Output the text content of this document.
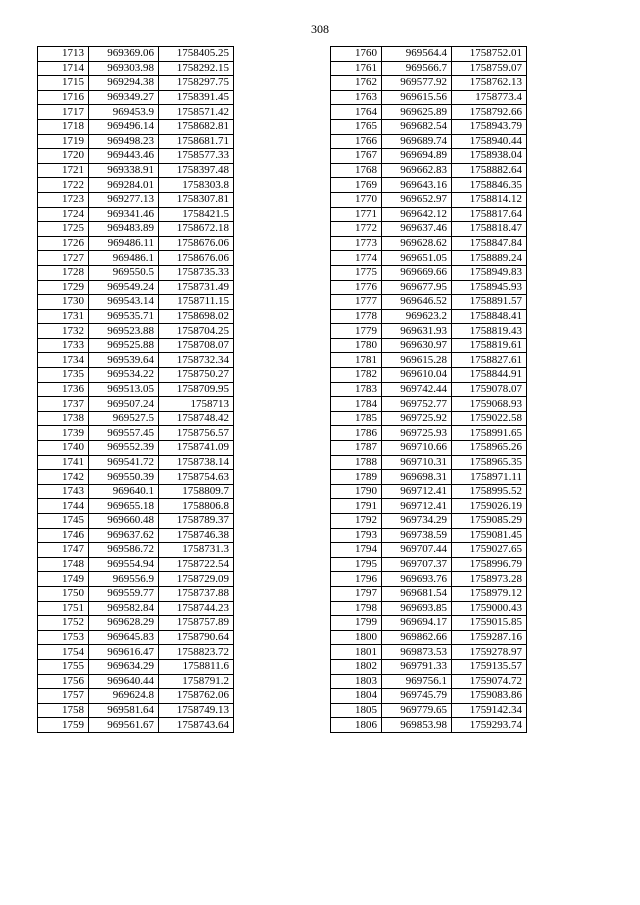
308
1713	969369.06	1758405.25
1714	969303.98	1758292.15
1715	969294.38	1758297.75
1716	969349.27	1758391.45
1717	969453.9	1758571.42
1718	969496.14	1758682.81
1719	969498.23	1758681.71
1720	969443.46	1758577.33
1721	969338.91	1758397.48
1722	969284.01	1758303.8
1723	969277.13	1758307.81
1724	969341.46	1758421.5
1725	969483.89	1758672.18
1726	969486.11	1758676.06
1727	969486.1	1758676.06
1728	969550.5	1758735.33
1729	969549.24	1758731.49
1730	969543.14	1758711.15
1731	969535.71	1758698.02
1732	969523.88	1758704.25
1733	969525.88	1758708.07
1734	969539.64	1758732.34
1735	969534.22	1758750.27
1736	969513.05	1758709.95
1737	969507.24	1758713
1738	969527.5	1758748.42
1739	969557.45	1758756.57
1740	969552.39	1758741.09
1741	969541.72	1758738.14
1742	969550.39	1758754.63
1743	969640.1	1758809.7
1744	969655.18	1758806.8
1745	969660.48	1758789.37
1746	969637.62	1758746.38
1747	969586.72	1758731.3
1748	969554.94	1758722.54
1749	969556.9	1758729.09
1750	969559.77	1758737.88
1751	969582.84	1758744.23
1752	969628.29	1758757.89
1753	969645.83	1758790.64
1754	969616.47	1758823.72
1755	969634.29	1758811.6
1756	969640.44	1758791.2
1757	969624.8	1758762.06
1758	969581.64	1758749.13
1759	969561.67	1758743.64
1760	969564.4	1758752.01
1761	969566.7	1758759.07
1762	969577.92	1758762.13
1763	969615.56	1758773.4
1764	969625.89	1758792.66
1765	969682.54	1758943.79
1766	969689.74	1758940.44
1767	969694.89	1758938.04
1768	969662.83	1758882.64
1769	969643.16	1758846.35
1770	969652.97	1758814.12
1771	969642.12	1758817.64
1772	969637.46	1758818.47
1773	969628.62	1758847.84
1774	969651.05	1758889.24
1775	969669.66	1758949.83
1776	969677.95	1758945.93
1777	969646.52	1758891.57
1778	969623.2	1758848.41
1779	969631.93	1758819.43
1780	969630.97	1758819.61
1781	969615.28	1758827.61
1782	969610.04	1758844.91
1783	969742.44	1759078.07
1784	969752.77	1759068.93
1785	969725.92	1759022.58
1786	969725.93	1758991.65
1787	969710.66	1758965.26
1788	969710.31	1758965.35
1789	969698.31	1758971.11
1790	969712.41	1758995.52
1791	969712.41	1759026.19
1792	969734.29	1759085.29
1793	969738.59	1759081.45
1794	969707.44	1759027.65
1795	969707.37	1758996.79
1796	969693.76	1758973.28
1797	969681.54	1758979.12
1798	969693.85	1759000.43
1799	969694.17	1759015.85
1800	969862.66	1759287.16
1801	969873.53	1759278.97
1802	969791.33	1759135.57
1803	969756.1	1759074.72
1804	969745.79	1759083.86
1805	969779.65	1759142.34
1806	969853.98	1759293.74
